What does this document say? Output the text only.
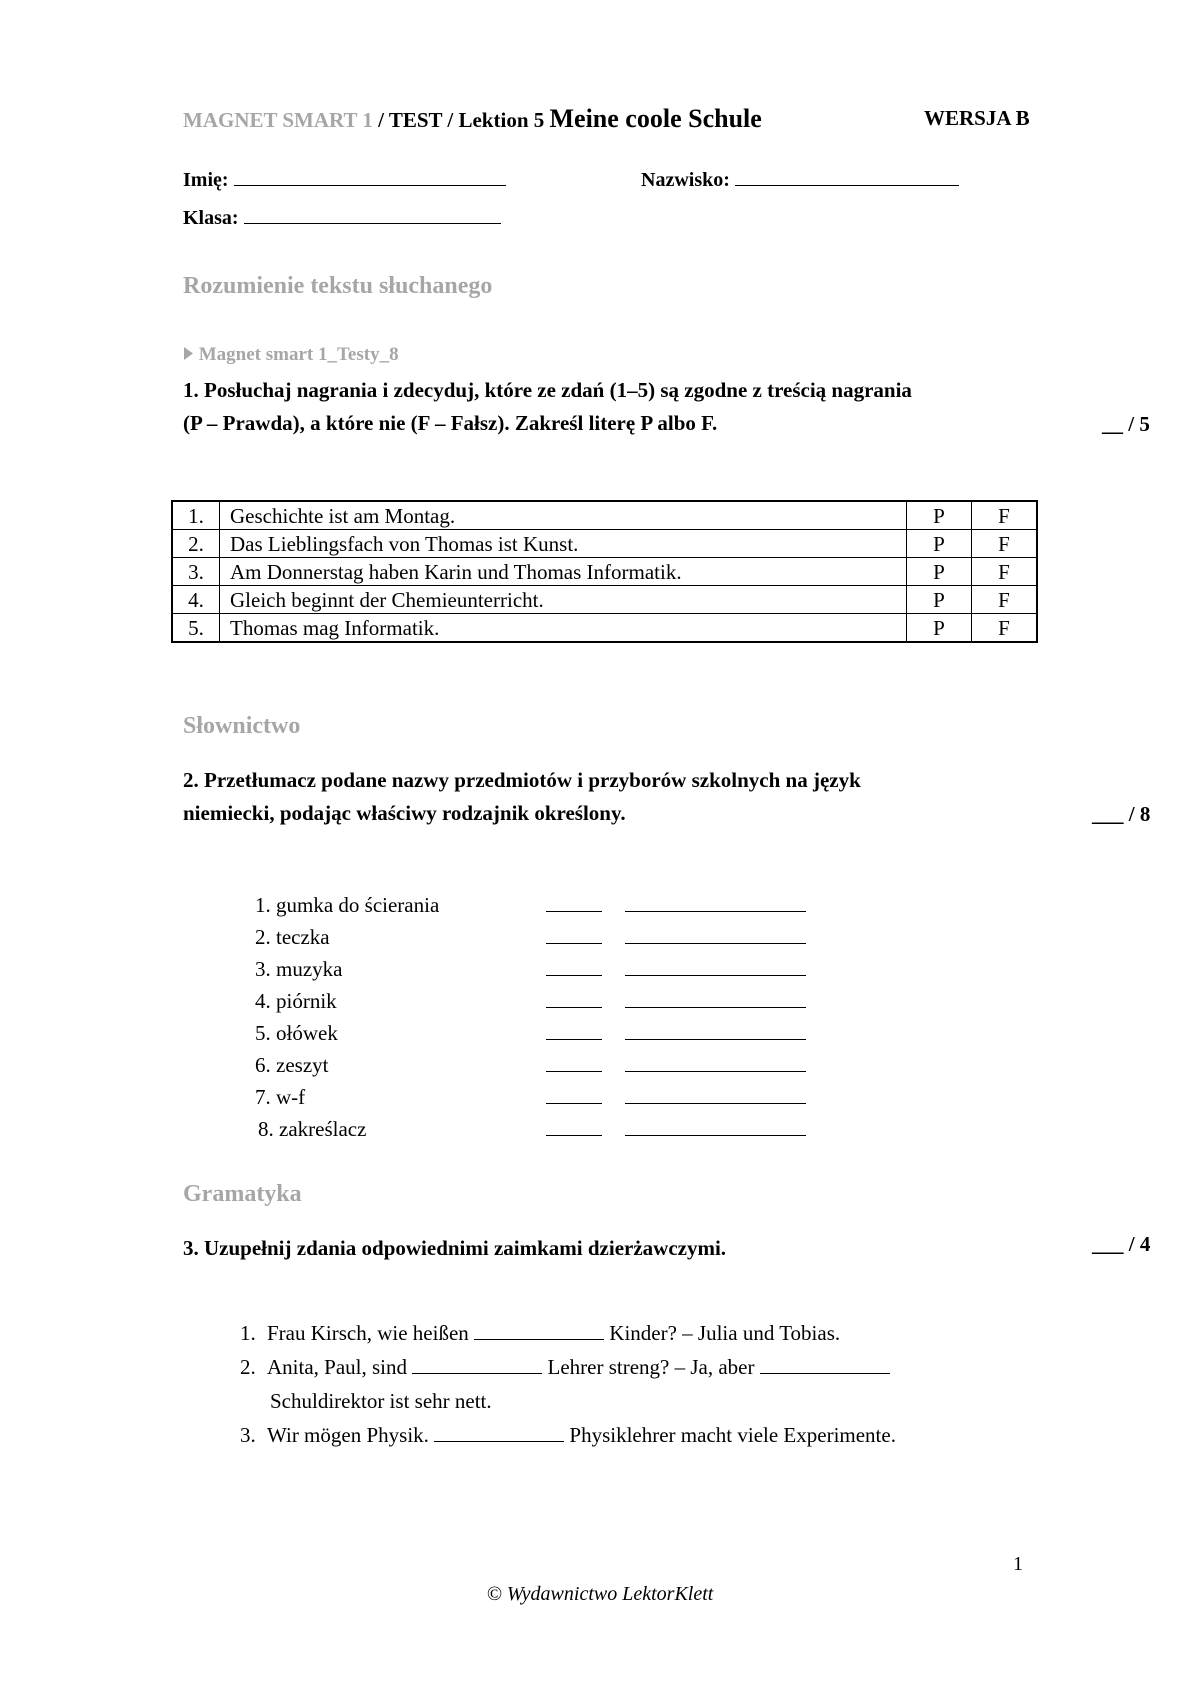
MAGNET SMART 1 / TEST / Lektion 5 Meine coole Schule	WERSJA B
Imię:	Nazwisko:
Klasa:
Rozumienie tekstu słuchanego
Magnet smart 1_Testy_8
1. Posłuchaj nagrania i zdecyduj, które ze zdań (1–5) są zgodne z treścią nagrania
(P – Prawda), a które nie (F – Fałsz). Zakreśl literę P albo F.	__ / 5
1.	Geschichte ist am Montag.	P	F
2.	Das Lieblingsfach von Thomas ist Kunst.	P	F
3.	Am Donnerstag haben Karin und Thomas Informatik.	P	F
4.	Gleich beginnt der Chemieunterricht.	P	F
5.	Thomas mag Informatik.	P	F
Słownictwo
2. Przetłumacz podane nazwy przedmiotów i przyborów szkolnych na język
niemiecki, podając właściwy rodzajnik określony.	___ / 8
1. gumka do ścierania
2. teczka
3. muzyka
4. piórnik
5. ołówek
6. zeszyt
7. w-f
8. zakreślacz
Gramatyka
3. Uzupełnij zdania odpowiednimi zaimkami dzierżawczymi.	___ / 4
1. Frau Kirsch, wie heißen	Kinder? – Julia und Tobias.
2. Anita, Paul, sind	Lehrer streng? – Ja, aber
Schuldirektor ist sehr nett.
3. Wir mögen Physik.	Physiklehrer macht viele Experimente.
1
© Wydawnictwo LektorKlett
